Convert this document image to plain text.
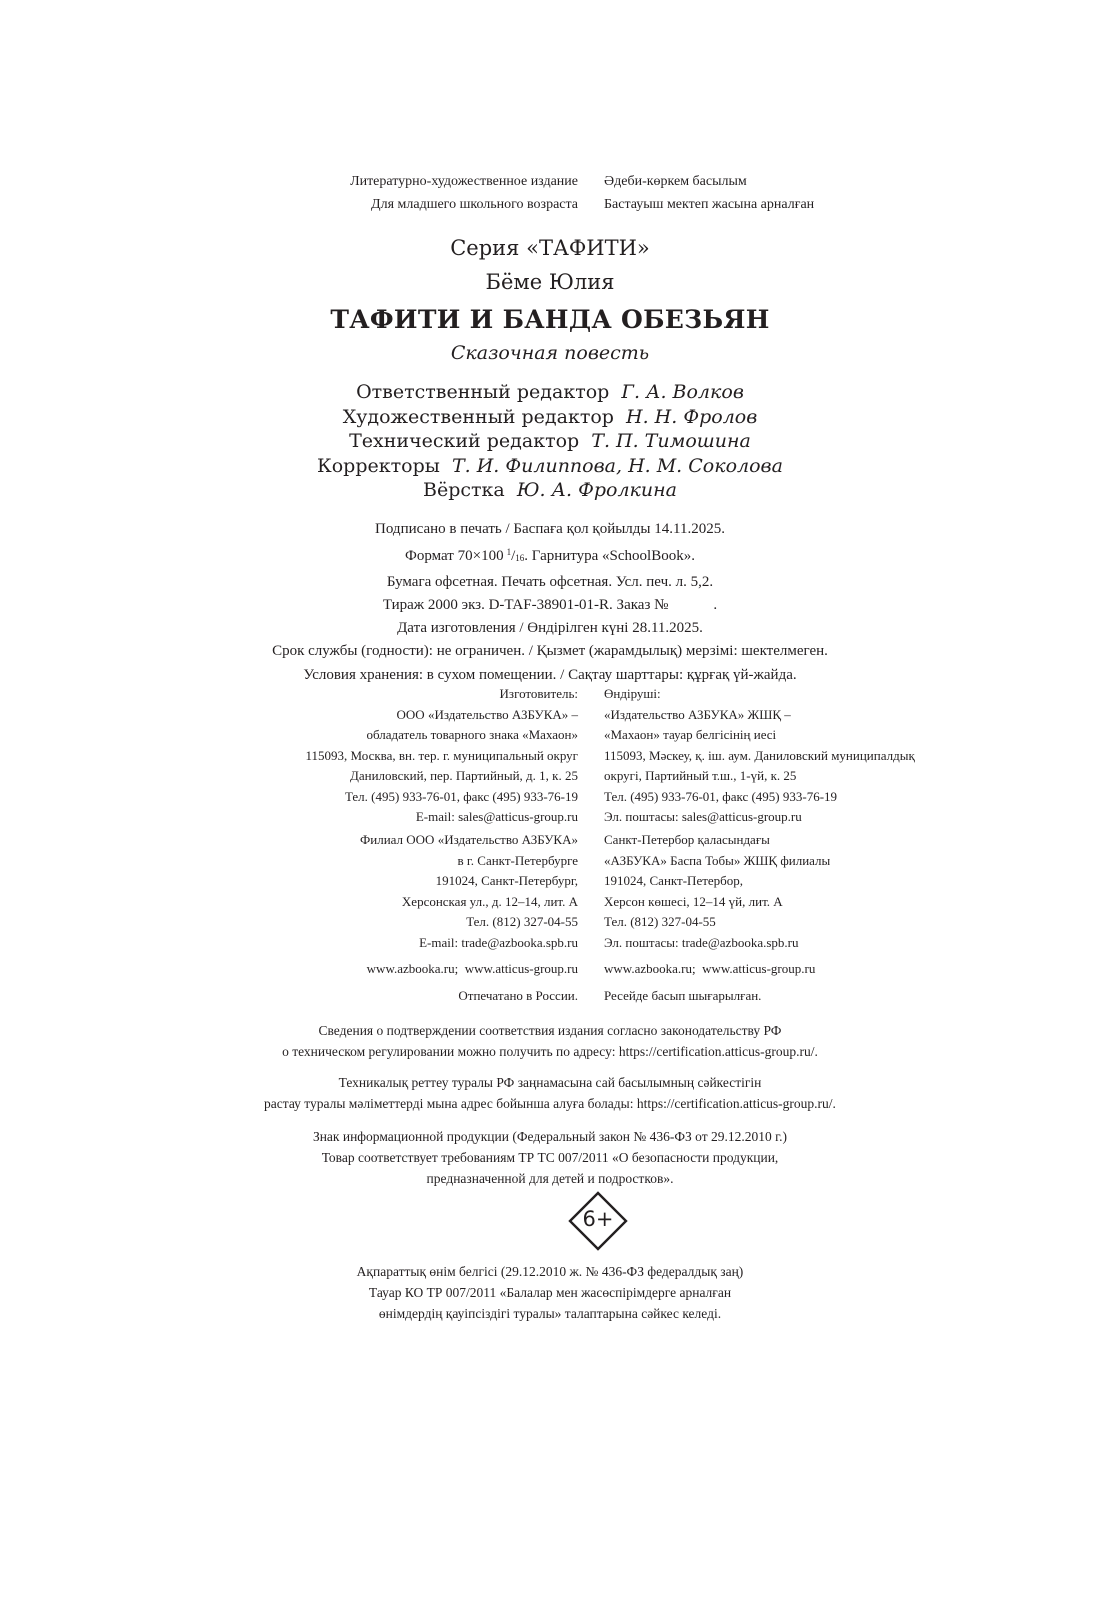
Литературно-художественное издание
Для младшего школьного возраста
Әдеби-көркем басылым
Бастауыш мектеп жасына арналған
Серия «ТАФИТИ»
Бёме Юлия
ТАФИТИ И БАНДА ОБЕЗЬЯН
Сказочная повесть
Ответственный редактор Г. А. Волков
Художественный редактор Н. Н. Фролов
Технический редактор Т. П. Тимошина
Корректоры Т. И. Филиппова, Н. М. Соколова
Вёрстка Ю. А. Фролкина
Подписано в печать / Баспаға қол қойылды 14.11.2025.
Формат 70×100  $^1$/16. Гарнитура «SchoolBook».
Бумага офсетная. Печать офсетная. Усл. печ. л. 5,2.
Тираж 2000 экз. D-TAF-38901-01-R. Заказ №            .
Дата изготовления / Өндірілген күні 28.11.2025.
Срок службы (годности): не ограничен. / Қызмет (жарамдылық) мерзімі: шектелмеген.
Условия хранения: в сухом помещении. / Сақтау шарттары: құрғақ үй-жайда.
Изготовитель:
ООО «Издательство АЗБУКА» –
обладатель товарного знака «Махаон»
115093, Москва, вн. тер. г. муниципальный округ
Даниловский, пер. Партийный, д. 1, к. 25
Тел. (495) 933-76-01, факс (495) 933-76-19
E-mail: sales@atticus-group.ru
Өндіруші:
«Издательство АЗБУКА» ЖШҚ –
«Махаон» тауар белгісінің иесі
115093, Мәскеу, қ. іш. аум. Даниловский муниципалдық
округі, Партийный т.ш., 1-үй, к. 25
Тел. (495) 933-76-01, факс (495) 933-76-19
Эл. поштасы: sales@atticus-group.ru
Филиал ООО «Издательство АЗБУКА»
в г. Санкт-Петербурге
191024, Санкт-Петербург,
Херсонская ул., д. 12–14, лит. А
Тел. (812) 327-04-55
E-mail: trade@azbooka.spb.ru
Санкт-Петербор қаласындағы
«АЗБУКА» Баспа Тобы» ЖШҚ филиалы
191024, Санкт-Петербор,
Херсон көшесі, 12–14 үй, лит. А
Тел. (812) 327-04-55
Эл. поштасы: trade@azbooka.spb.ru
www.azbooka.ru;  www.atticus-group.ru www.azbooka.ru;  www.atticus-group.ru
Отпечатано в России. Ресейде басып шығарылған.
Сведения о подтверждении соответствия издания согласно законодательству РФ
о техническом регулировании можно получить по адресу: https://certification.atticus-group.ru/.
Техникалық реттеу туралы РФ заңнамасына сай басылымның сәйкестігін
растау туралы мәліметтерді мына адрес бойынша алуға болады: https://certification.atticus-group.ru/.
Знак информационной продукции (Федеральный закон № 436-ФЗ от 29.12.2010 г.)
Товар соответствует требованиям ТР ТС 007/2011 «О безопасности продукции,
предназначенной для детей и подростков».
6+
Ақпараттық өнім белгісі (29.12.2010 ж. № 436-ФЗ федералдық заң)
Тауар КО ТР 007/2011 «Балалар мен жасөспірімдерге арналған
өнімдердің қауіпсіздігі туралы» талаптарына сәйкес келеді.
